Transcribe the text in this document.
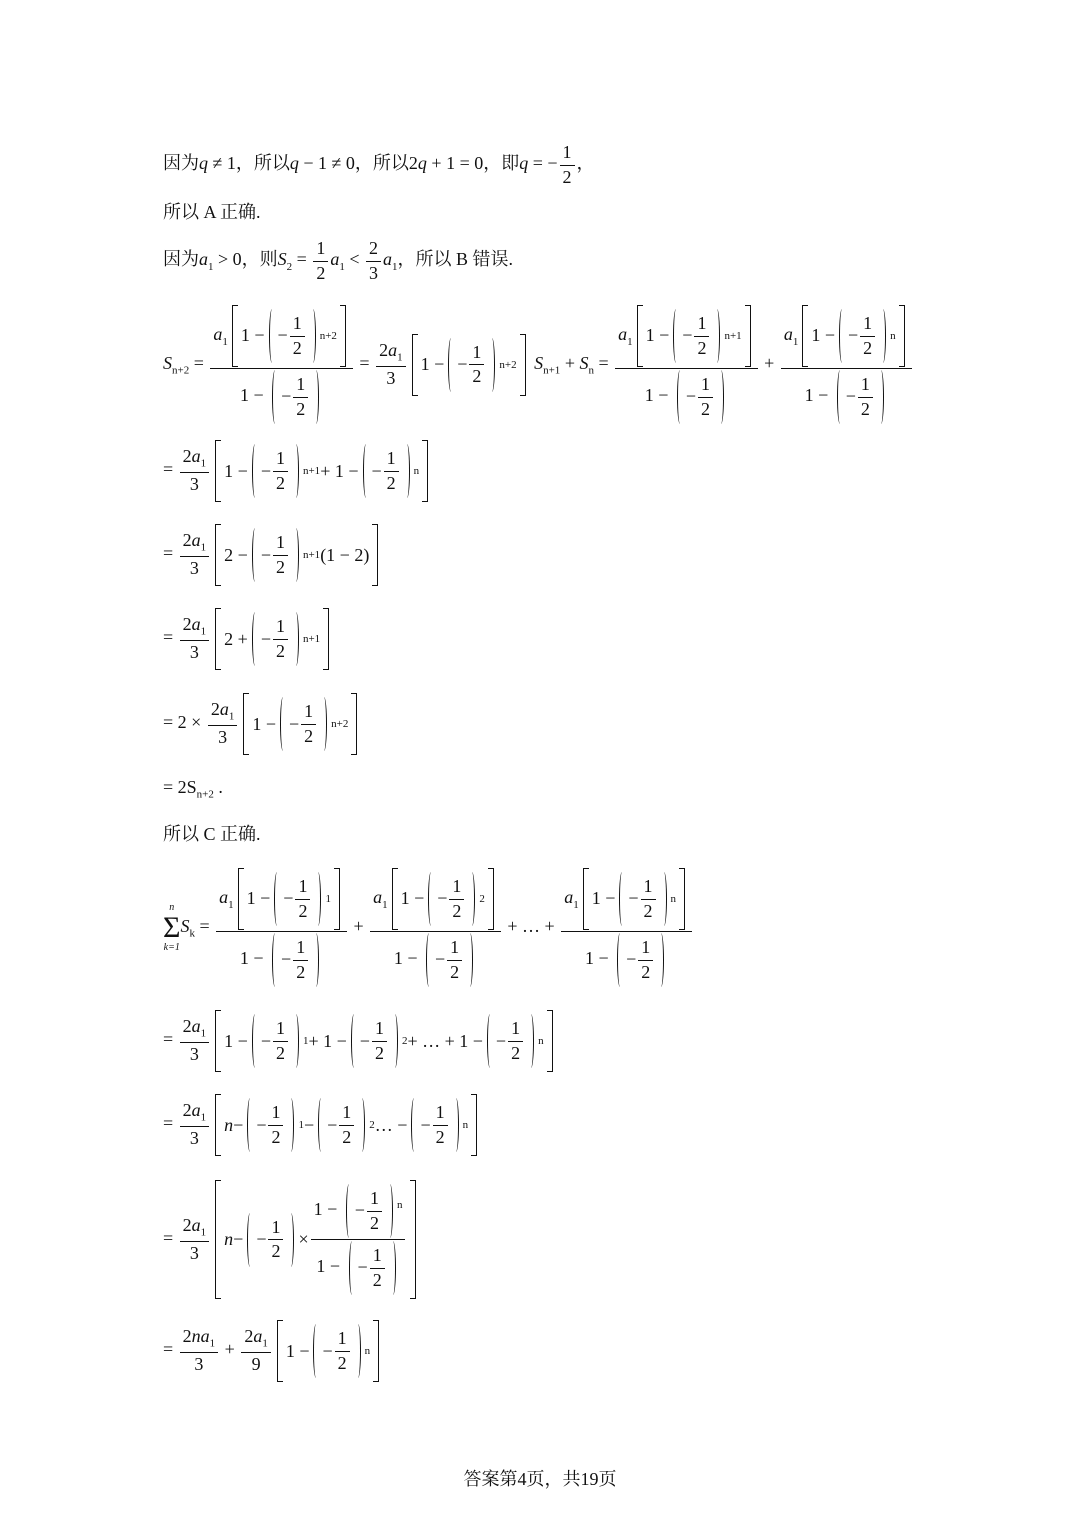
因为q ≠ 1，所以q − 1 ≠ 0，所以2q + 1 = 0，即q = − $\frac{1}{2}$ ，
所以 A 正确.
因为$a_1 > 0$，则$S_2 = \frac{1}{2} a_1 < \frac{2}{3} a_1$，所以 B 错误.
$S_{n+2} = \frac{a_1 1 - - \frac{1}{2} n+2}{1 - - \frac{1}{2}} = \frac{2a_1}{3} 1$ − − $\frac{1}{2} n+2$ $S_{n+1} + S_n = \frac{a_1 1 - - \frac{1}{2} n+1}{1 - - \frac{1}{2}} + \frac{a_1 1 - - \frac{1}{2} n}{1 - - \frac{1}{2}}$
= $\frac{2a_1}{3} 1$ − − $\frac{1}{2} n+1 + 1$ − − $\frac{1}{2}$ n
= $\frac{2a_1}{3} 2$ − − $\frac{1}{2} n+1$ (1 − 2)
= $\frac{2a_1}{3} 2$ + − $\frac{1}{2} n+1$
= $2 \times \frac{2a_1}{3} 1$ − − $\frac{1}{2} n+2$
= $2S_{n+2}$ .
所以 C 正确.
n
Σ
k=1
$S_k = \frac{a_1 1 - - \frac{1}{2} 1}{1 - - \frac{1}{2}} + \frac{a_1 1 - - \frac{1}{2} 2}{1 - - \frac{1}{2}}$ + … + $\frac{a_1 1 - - \frac{1}{2} n}{1 - - \frac{1}{2}}$
= $\frac{2a_1}{3} 1$ − − $\frac{1}{2} 1 + 1$ − − $\frac{1}{2} 2$ + … + 1 − − $\frac{1}{2}$ n
= $\frac{2a_1}{3}$ n − − $\frac{1}{2} 1$ − − $\frac{1}{2} 2$ … − − $\frac{1}{2}$ n
= $\frac{2a_1}{3}$ n − − $\frac{1}{2} \times \frac{1 - - \frac{1}{2} ^n}{1 - - \frac{1}{2}}$
= $\frac{2na_1}{3} + \frac{2a_1}{9} 1$ − − $\frac{1}{2}$ n
答案第4页，共19页
